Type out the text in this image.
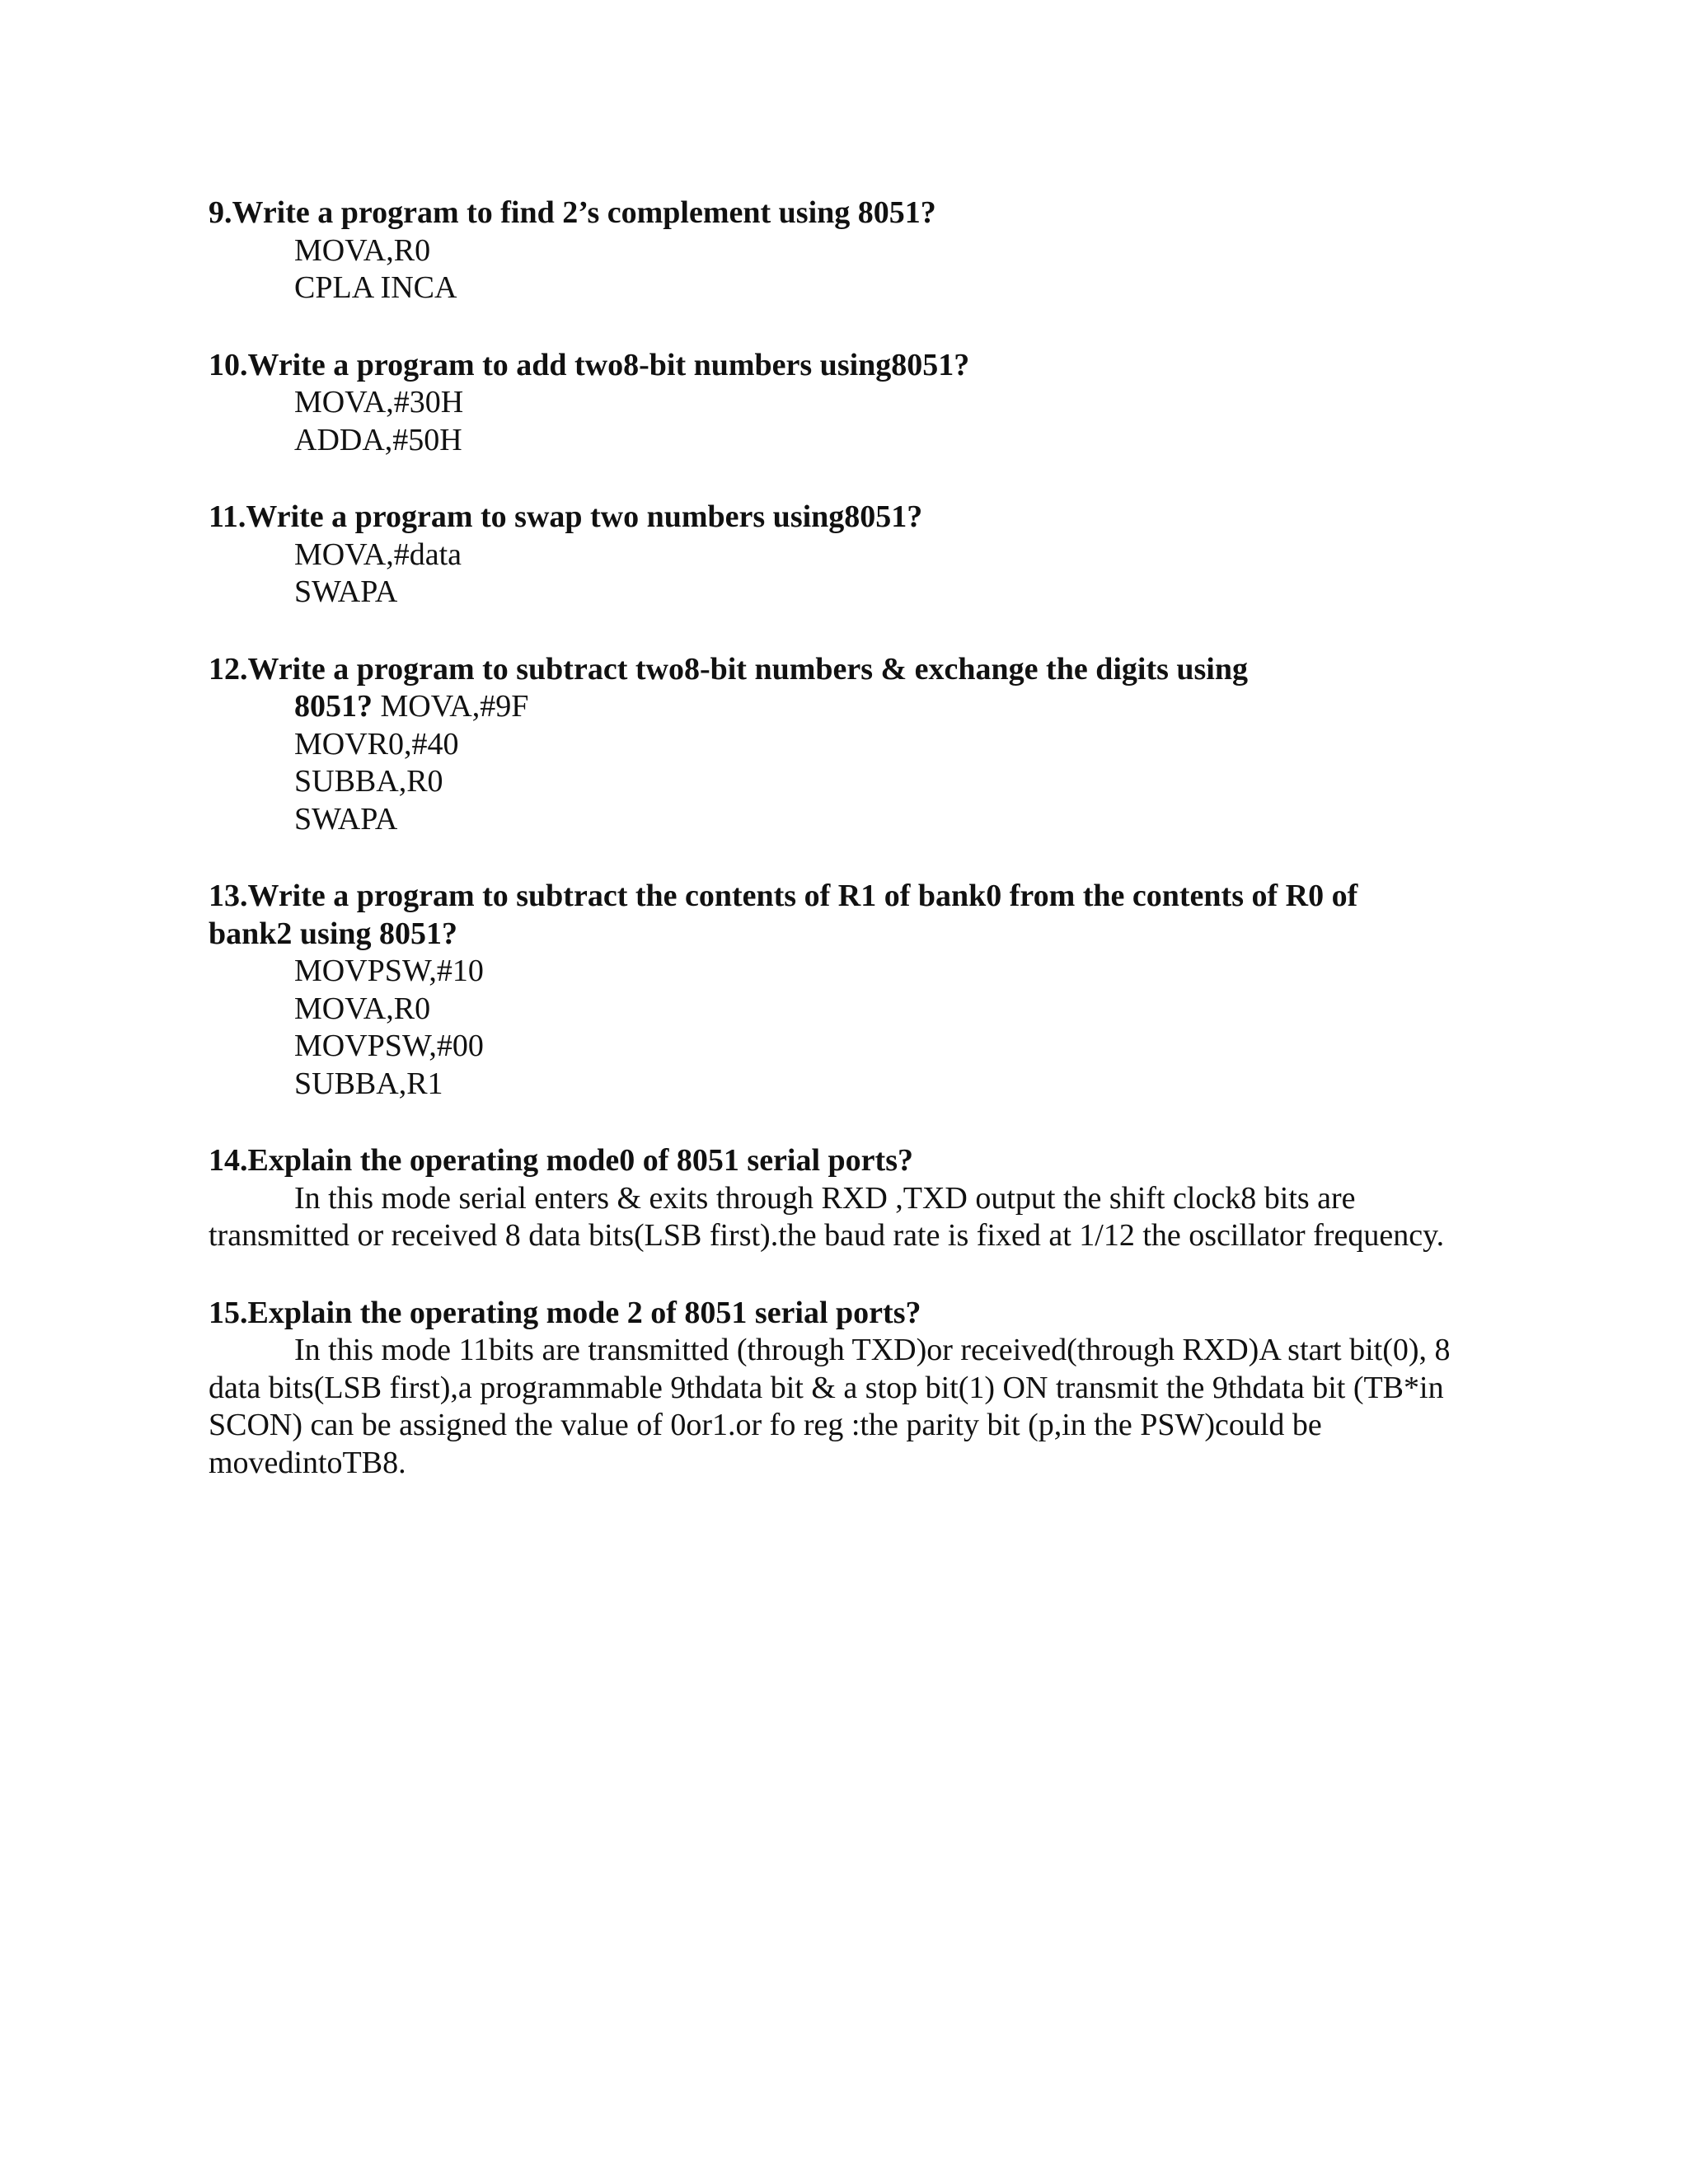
9.Write a program to find 2’s complement using 8051?

MOVA,R0

CPLA INCA

10.Write a program to add two8-bit numbers using8051?

MOVA,#30H

ADDA,#50H

11.Write a program to swap two numbers using8051?

MOVA,#data

SWAPA

12.Write a program to subtract two8-bit numbers & exchange the digits using

8051? MOVA,#9F

MOVR0,#40

SUBBA,R0

SWAPA

13.Write a program to subtract the contents of R1 of bank0 from the contents of R0 of

bank2 using 8051?

MOVPSW,#10

MOVA,R0

MOVPSW,#00

SUBBA,R1

14.Explain the operating mode0 of 8051 serial ports?

In this mode serial enters & exits through RXD ,TXD output the shift clock8 bits are transmitted or received 8 data bits(LSB first).the baud rate is fixed at 1/12 the oscillator frequency.

15.Explain the operating mode 2 of 8051 serial ports?

In this mode 11bits are transmitted (through TXD)or received(through RXD)A start bit(0), 8 data bits(LSB first),a programmable 9thdata bit & a stop bit(1) ON transmit the 9thdata bit (TB*in SCON) can be assigned the value of 0or1.or fo reg :the parity bit (p,in the PSW)could be movedintoTB8.
